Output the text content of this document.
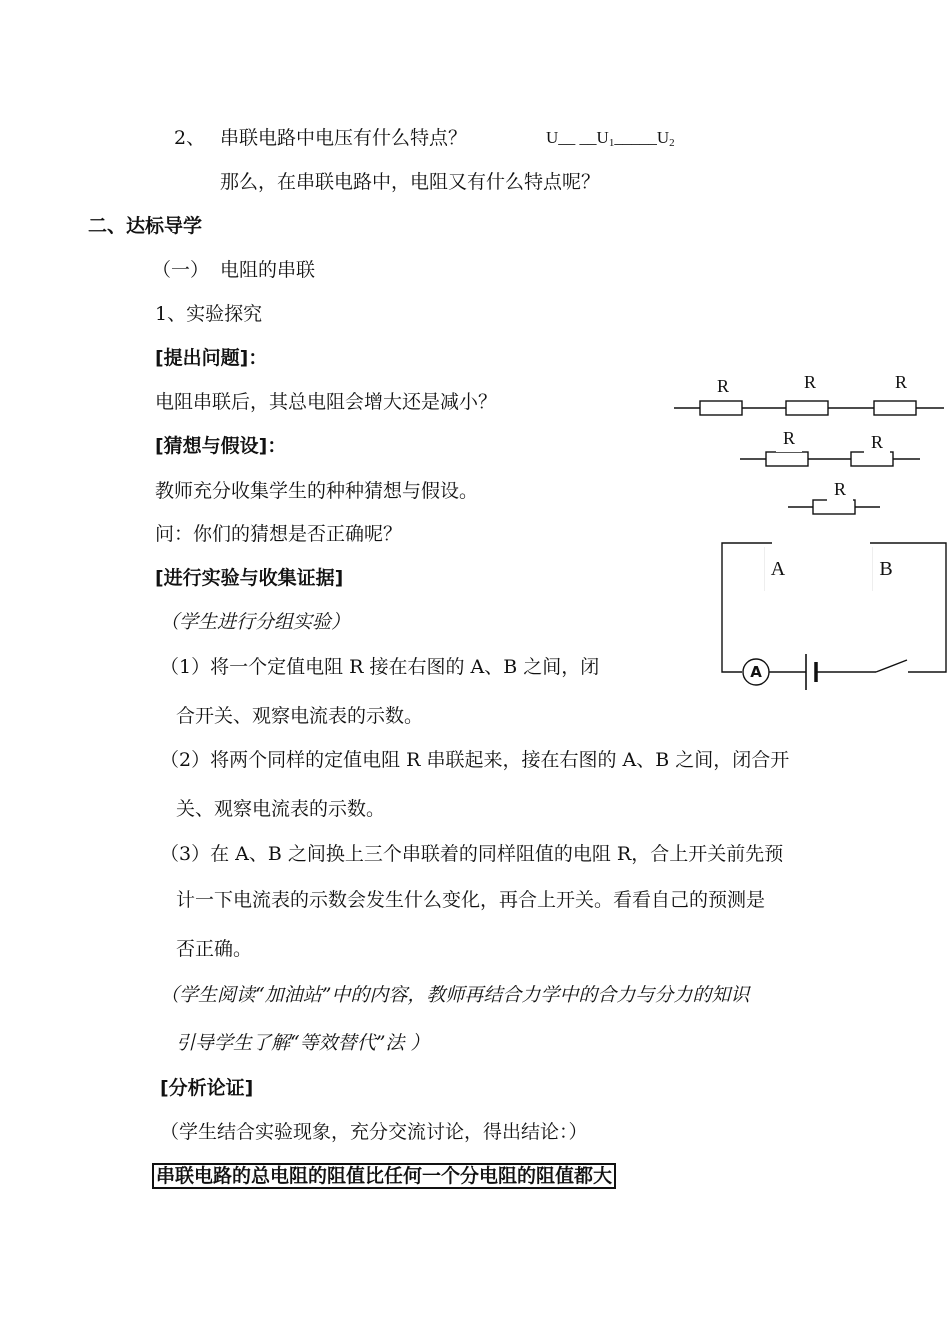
2、 串联电路中电压有什么特点？	U__ __U1_____U2
那么，在串联电路中，电阻又有什么特点呢？
二、达标导学
（一） 电阻的串联
1、实验探究
[提出问题]：
电阻串联后，其总电阻会增大还是减小？
[猜想与假设]：
教师充分收集学生的种种猜想与假设。
问：你们的猜想是否正确呢？
[进行实验与收集证据]
（学生进行分组实验）
（1）将一个定值电阻 R 接在右图的 A、B 之间，闭
合开关、观察电流表的示数。
（2）将两个同样的定值电阻 R 串联起来，接在右图的 A、B 之间，闭合开
关、观察电流表的示数。
（3）在 A、B 之间换上三个串联着的同样阻值的电阻 R，合上开关前先预
计一下电流表的示数会发生什么变化，再合上开关。看看自己的预测是
否正确。
（学生阅读“加油站”中的内容，教师再结合力学中的合力与分力的知识
引导学生了解“等效替代”法 ）
[分析论证]
（学生结合实验现象，充分交流讨论，得出结论：）
串联电路的总电阻的阻值比任何一个分电阻的阻值都大
A
R	R	R
R	R
R
A	B
